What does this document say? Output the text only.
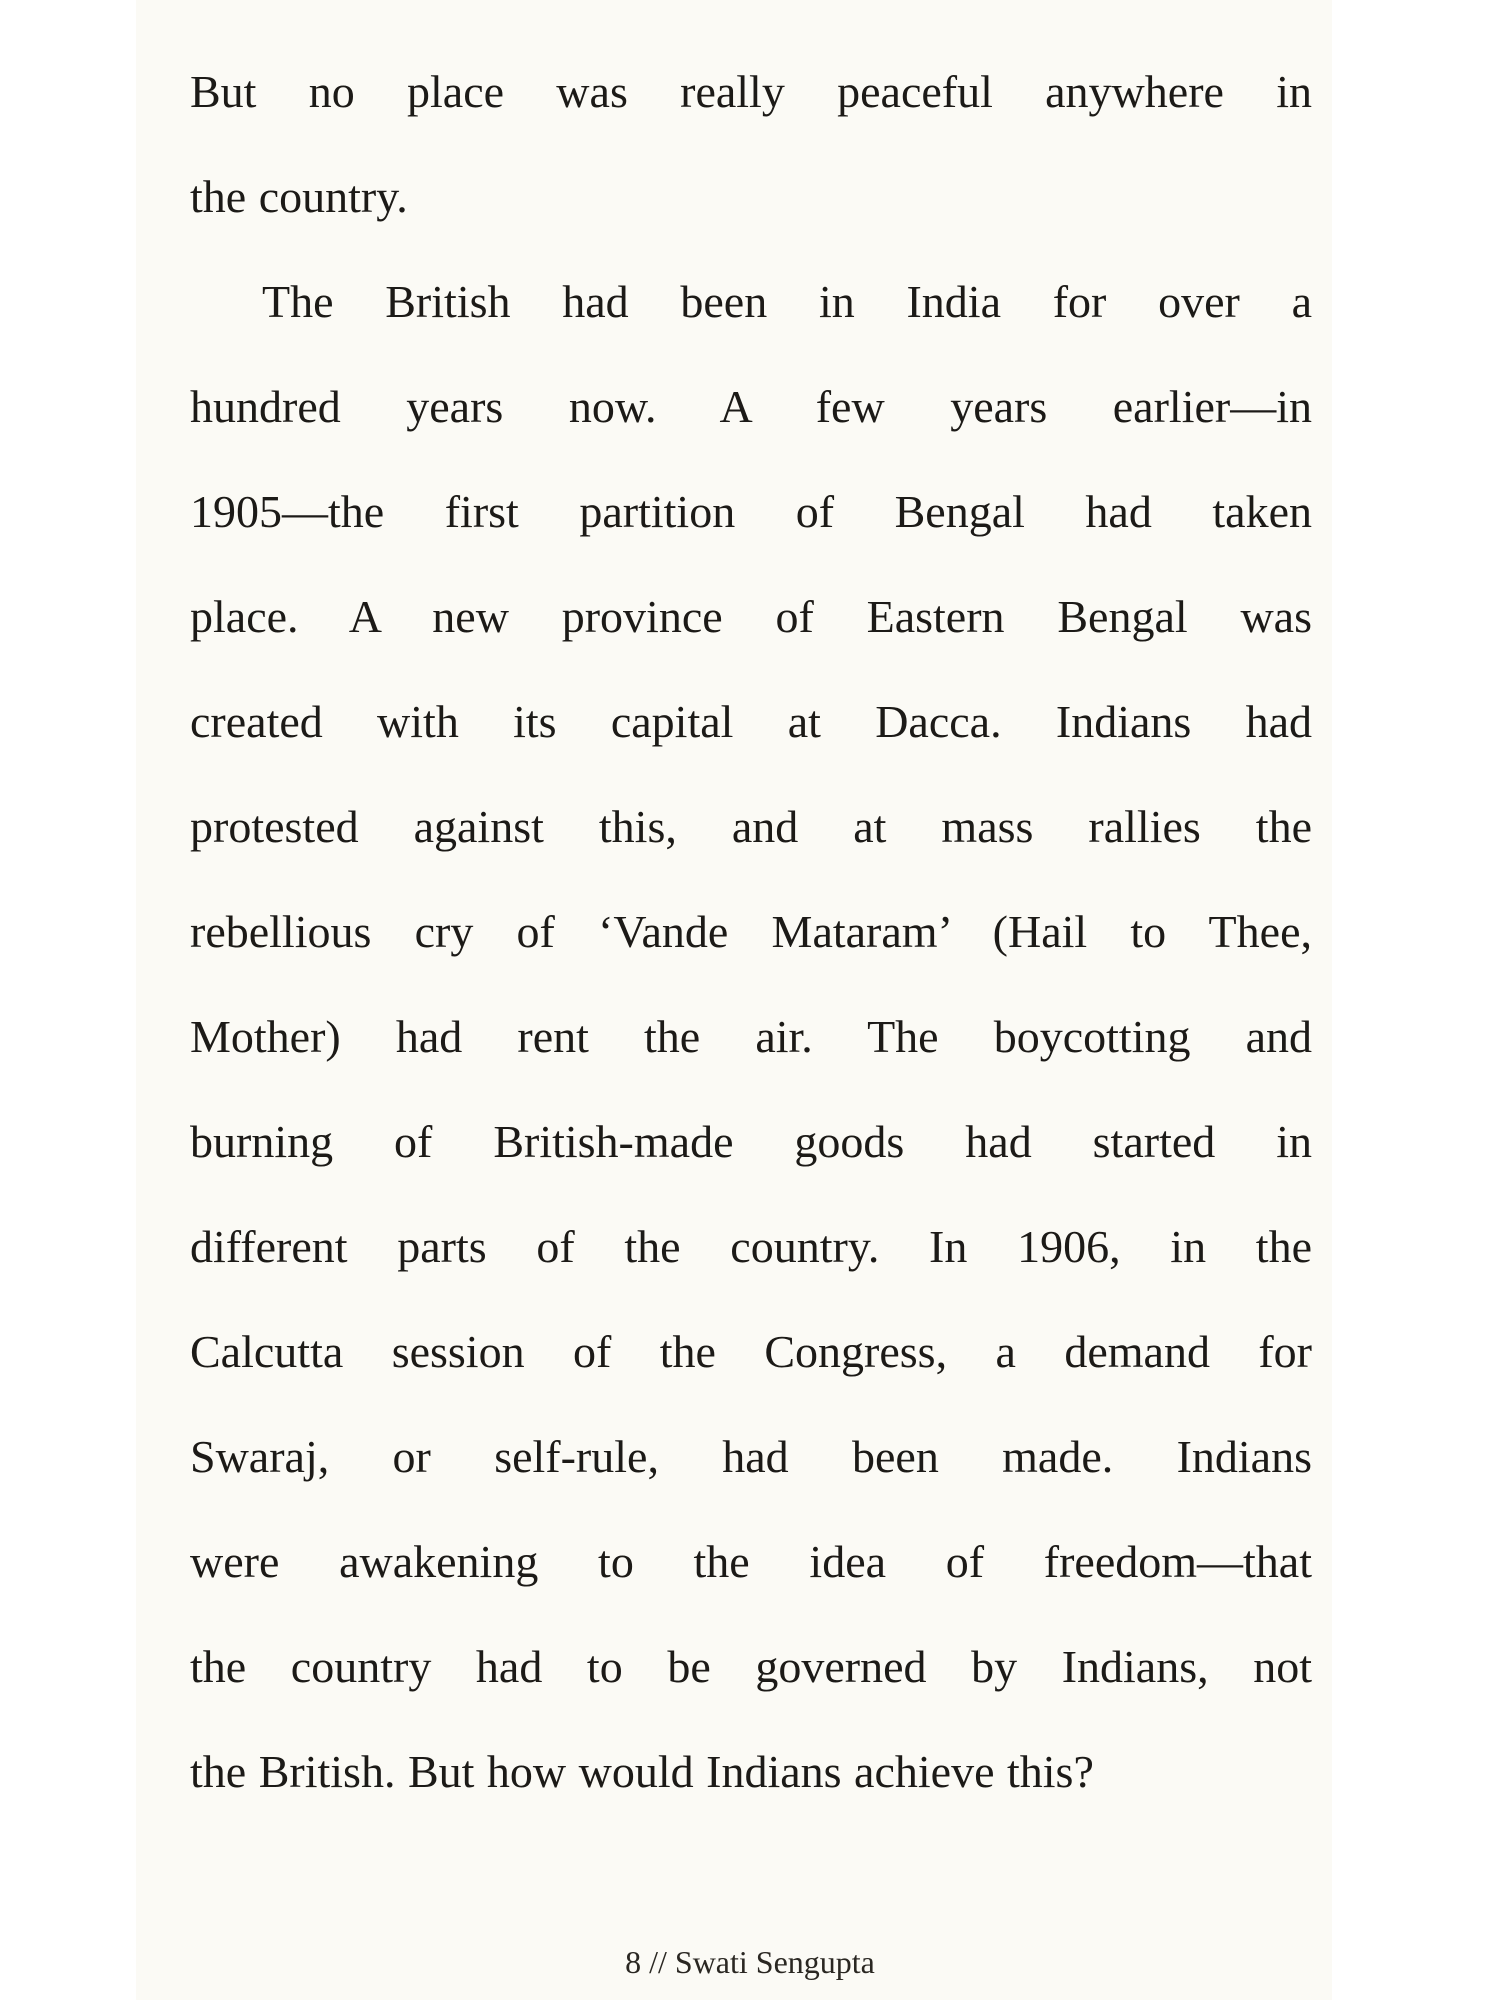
But no place was really peaceful anywhere in
the country.
The British had been in India for over a
hundred years now. A few years earlier—in
1905—the first partition of Bengal had taken
place. A new province of Eastern Bengal was
created with its capital at Dacca. Indians had
protested against this, and at mass rallies the
rebellious cry of ‘Vande Mataram’ (Hail to Thee,
Mother) had rent the air. The boycotting and
burning of British-made goods had started in
different parts of the country. In 1906, in the
Calcutta session of the Congress, a demand for
Swaraj, or self-rule, had been made. Indians
were awakening to the idea of freedom—that
the country had to be governed by Indians, not
the British. But how would Indians achieve this?
8 // Swati Sengupta
